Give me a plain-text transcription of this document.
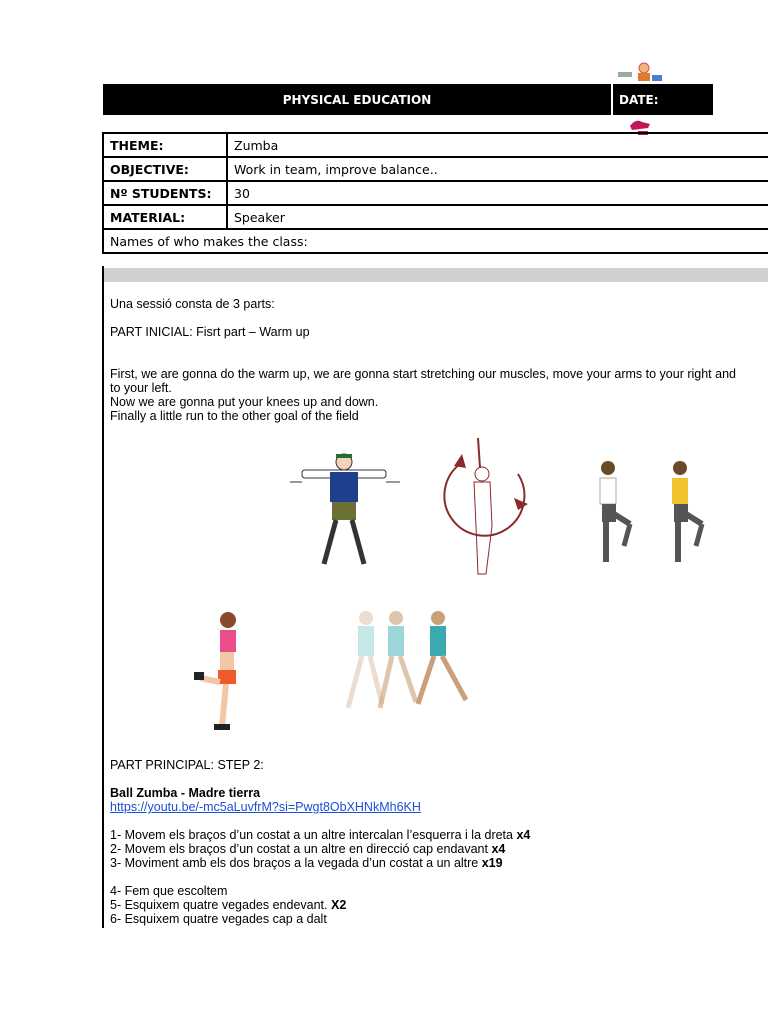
PHYSICAL EDUCATION	DATE:
THEME:	Zumba
OBJECTIVE:	Work in team, improve balance..
Nº STUDENTS:	30
MATERIAL:	Speaker
Names of who makes the class:	
Una sessió consta de 3 parts:
PART INICIAL: Fisrt part – Warm up
First, we are gonna do the warm up, we are gonna start stretching our muscles, move your arms to your right and
to your left.
Now we are gonna put your knees up and down.
Finally a little run to the other goal of the field
PART PRINCIPAL: STEP 2:
Ball Zumba - Madre tierra
https://youtu.be/-mc5aLuvfrM?si=Pwgt8ObXHNkMh6KH
1- Movem els braços d’un costat a un altre intercalan l’esquerra i la dreta x4
2- Movem els braços d’un costat a un altre en direcció cap endavant x4
3- Moviment amb els dos braços a la vegada d’un costat a un altre x19
4- Fem que escoltem
5- Esquixem quatre vegades endevant. X2
6- Esquixem quatre vegades cap a dalt
